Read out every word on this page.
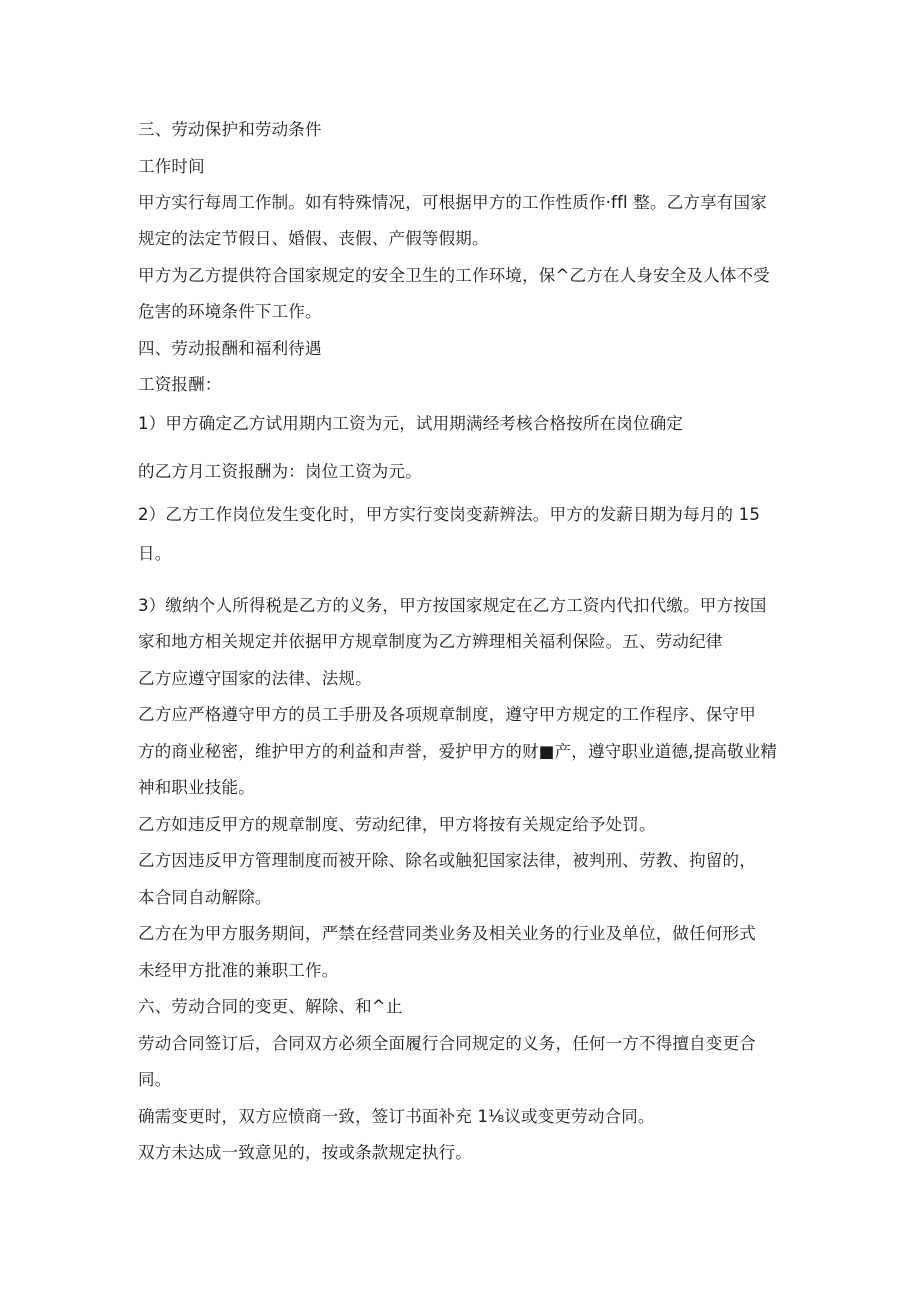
三、劳动保护和劳动条件
工作时间
甲方实行每周工作制。如有特殊情况，可根据甲方的工作性质作·ffl 整。乙方享有国家
规定的法定节假日、婚假、丧假、产假等假期。
甲方为乙方提供符合国家规定的安全卫生的工作环境，保^乙方在人身安全及人体不受
危害的环境条件下工作。
四、劳动报酬和福利待遇
工资报酬：
1）甲方确定乙方试用期内工资为元，试用期满经考核合格按所在岗位确定
的乙方月工资报酬为：岗位工资为元。
2）乙方工作岗位发生变化时，甲方实行变岗变薪辨法。甲方的发薪日期为每月的 15
日。
3）缴纳个人所得税是乙方的义务，甲方按国家规定在乙方工资内代扣代缴。甲方按国
家和地方相关规定并依据甲方规章制度为乙方辨理相关福利保险。五、劳动纪律
乙方应遵守国家的法律、法规。
乙方应严格遵守甲方的员工手册及各项规章制度，遵守甲方规定的工作程序、保守甲
方的商业秘密，维护甲方的利益和声誉，爱护甲方的财■产，遵守职业道德,提高敬业精
神和职业技能。
乙方如违反甲方的规章制度、劳动纪律，甲方将按有关规定给予处罚。
乙方因违反甲方管理制度而被开除、除名或触犯国家法律，被判刑、劳教、拘留的，
本合同自动解除。
乙方在为甲方服务期间，严禁在经营同类业务及相关业务的行业及单位，做任何形式
未经甲方批准的兼职工作。
六、劳动合同的变更、解除、和^止
劳动合同签订后，合同双方必须全面履行合同规定的义务，任何一方不得擅自变更合
同。
确需变更时，双方应愤商一致，签订书面补充 1⅛议或变更劳动合同。
双方未达成一致意见的，按或条款规定执行。
